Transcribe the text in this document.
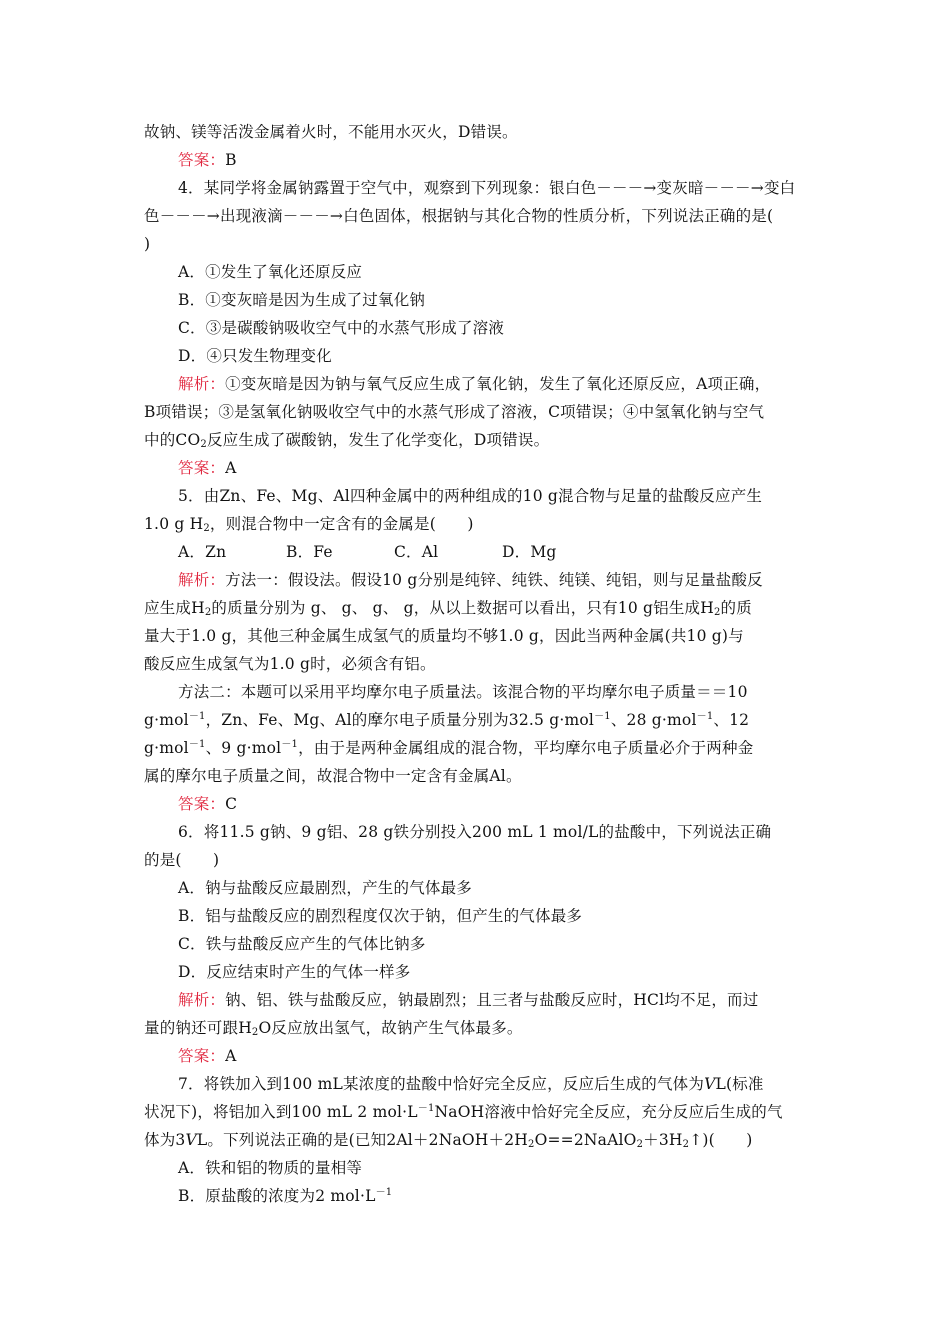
故钠、镁等活泼金属着火时，不能用水灭火，D错误。
答案：B
4．某同学将金属钠露置于空气中，观察到下列现象：银白色－－－→变灰暗－－－→变白
色－－－→出现液滴－－－→白色固体，根据钠与其化合物的性质分析，下列说法正确的是(
)
A．①发生了氧化还原反应
B．①变灰暗是因为生成了过氧化钠
C．③是碳酸钠吸收空气中的水蒸气形成了溶液
D．④只发生物理变化
解析：①变灰暗是因为钠与氧气反应生成了氧化钠，发生了氧化还原反应，A项正确，
B项错误；③是氢氧化钠吸收空气中的水蒸气形成了溶液，C项错误；④中氢氧化钠与空气
中的$CO_2$反应生成了碳酸钠，发生了化学变化，D项错误。
答案：A
5．由Zn、Fe、Mg、Al四种金属中的两种组成的10 g混合物与足量的盐酸反应产生
1.0 g $H_2$，则混合物中一定含有的金属是(　　)
A．Zn	B．Fe	C．Al	D．Mg
解析：方法一：假设法。假设10 g分别是纯锌、纯铁、纯镁、纯铝，则与足量盐酸反
应生成$H_2$的质量分别为 g、 g、 g、 g，从以上数据可以看出，只有10 g铝生成$H_2$的质
量大于1.0 g，其他三种金属生成氢气的质量均不够1.0 g，因此当两种金属(共10 g)与
酸反应生成氢气为1.0 g时，必须含有铝。
方法二：本题可以采用平均摩尔电子质量法。该混合物的平均摩尔电子质量＝＝10
g·mol$^{-1}$，Zn、Fe、Mg、Al的摩尔电子质量分别为32.5 g·mol$^{-1}$、28 g·mol$^{-1}$、12
g·mol$^{-1}$、9 g·mol$^{-1}$，由于是两种金属组成的混合物，平均摩尔电子质量必介于两种金
属的摩尔电子质量之间，故混合物中一定含有金属Al。
答案：C
6．将11.5 g钠、9 g铝、28 g铁分别投入200 mL 1 mol/L的盐酸中，下列说法正确
的是(　　)
A．钠与盐酸反应最剧烈，产生的气体最多
B．铝与盐酸反应的剧烈程度仅次于钠，但产生的气体最多
C．铁与盐酸反应产生的气体比钠多
D．反应结束时产生的气体一样多
解析：钠、铝、铁与盐酸反应，钠最剧烈；且三者与盐酸反应时，HCl均不足，而过
量的钠还可跟$H_2O$反应放出氢气，故钠产生气体最多。
答案：A
7．将铁加入到100 mL某浓度的盐酸中恰好完全反应，反应后生成的气体为VL(标准
状况下)，将铝加入到100 mL 2 $mol\cdot L^{-1}NaOH$溶液中恰好完全反应，充分反应后生成的气
体为3VL。下列说法正确的是(已知$2Al+2NaOH+2H_2O==2NaAlO_2+3H_2↑$)(　　)
A．铁和铝的物质的量相等
B．原盐酸的浓度为2 $mol\cdot L^{-1}$
